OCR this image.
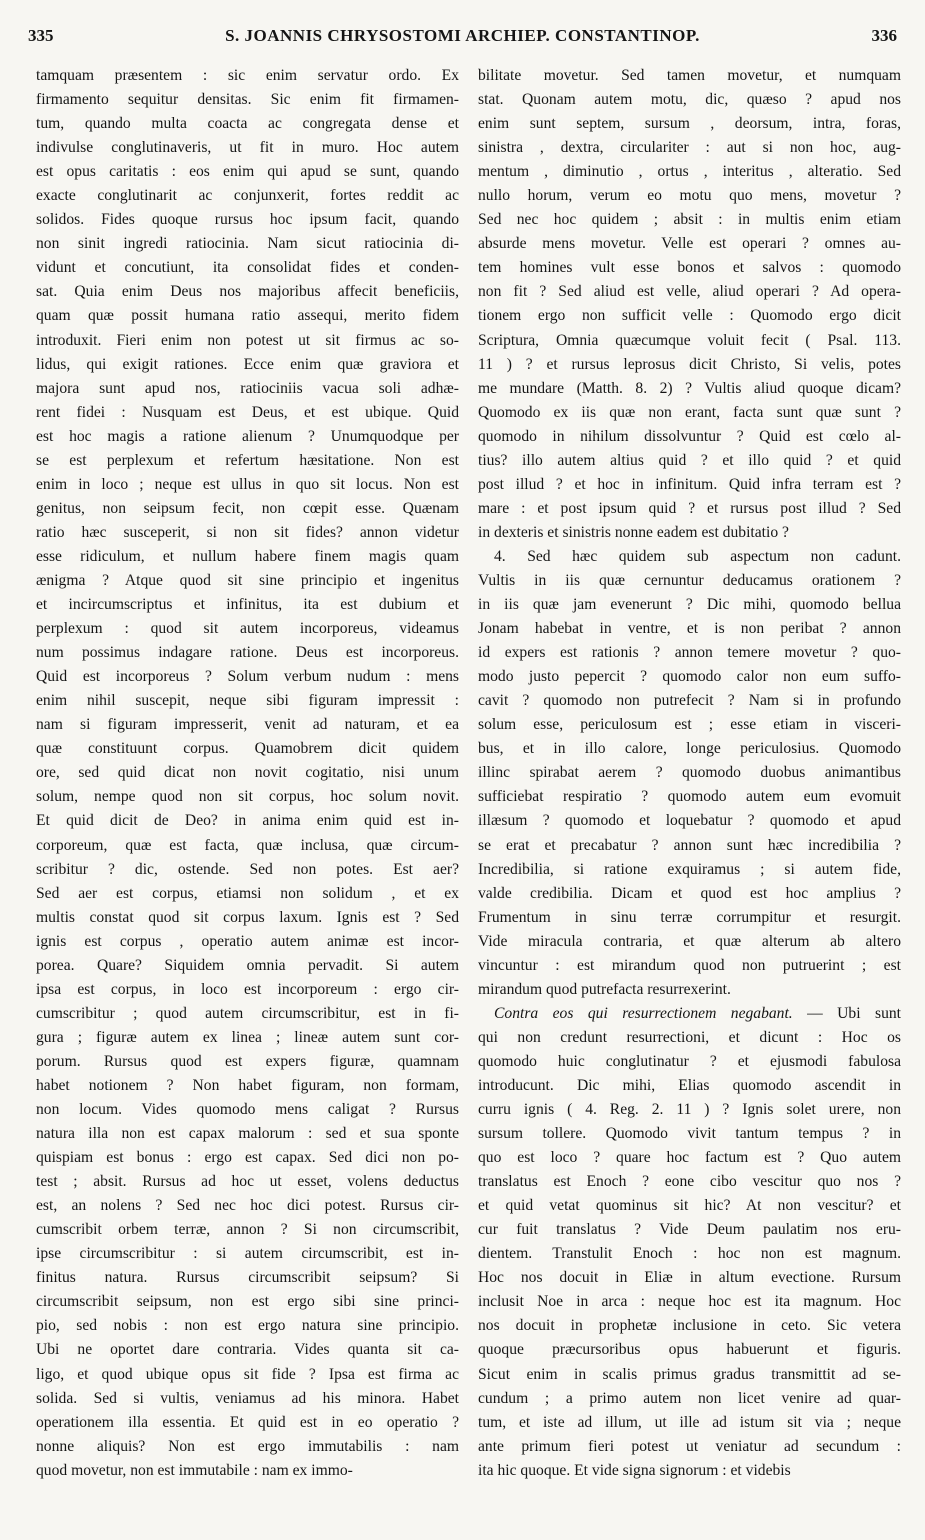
335	S. JOANNIS CHRYSOSTOMI ARCHIEP. CONSTANTINOP.	336
tamquam præsentem : sic enim servatur ordo. Ex
firmamento sequitur densitas. Sic enim fit firmamen-
tum, quando multa coacta ac congregata dense et
indivulse conglutinaveris, ut fit in muro. Hoc autem
est opus caritatis : eos enim qui apud se sunt, quando
exacte conglutinarit ac conjunxerit, fortes reddit ac
solidos. Fides quoque rursus hoc ipsum facit, quando
non sinit ingredi ratiocinia. Nam sicut ratiocinia di-
vidunt et concutiunt, ita consolidat fides et conden-
sat. Quia enim Deus nos majoribus affecit beneficiis,
quam quæ possit humana ratio assequi, merito fidem
introduxit. Fieri enim non potest ut sit firmus ac so-
lidus, qui exigit rationes. Ecce enim quæ graviora et
majora sunt apud nos, ratiociniis vacua soli adhæ-
rent fidei : Nusquam est Deus, et est ubique. Quid
est hoc magis a ratione alienum ? Unumquodque per
se est perplexum et refertum hæsitatione. Non est
enim in loco ; neque est ullus in quo sit locus. Non est
genitus, non seipsum fecit, non cœpit esse. Quænam
ratio hæc susceperit, si non sit fides? annon videtur
esse ridiculum, et nullum habere finem magis quam
ænigma ? Atque quod sit sine principio et ingenitus
et incircumscriptus et infinitus, ita est dubium et
perplexum : quod sit autem incorporeus, videamus
num possimus indagare ratione. Deus est incorporeus.
Quid est incorporeus ? Solum verbum nudum : mens
enim nihil suscepit, neque sibi figuram impressit :
nam si figuram impresserit, venit ad naturam, et ea
quæ constituunt corpus. Quamobrem dicit quidem
ore, sed quid dicat non novit cogitatio, nisi unum
solum, nempe quod non sit corpus, hoc solum novit.
Et quid dicit de Deo? in anima enim quid est in-
corporeum, quæ est facta, quæ inclusa, quæ circum-
scribitur ? dic, ostende. Sed non potes. Est aer?
Sed aer est corpus, etiamsi non solidum , et ex
multis constat quod sit corpus laxum. Ignis est ? Sed
ignis est corpus , operatio autem animæ est incor-
porea. Quare? Siquidem omnia pervadit. Si autem
ipsa est corpus, in loco est incorporeum : ergo cir-
cumscribitur ; quod autem circumscribitur, est in fi-
gura ; figuræ autem ex linea ; lineæ autem sunt cor-
porum. Rursus quod est expers figuræ, quamnam
habet notionem ? Non habet figuram, non formam,
non locum. Vides quomodo mens caligat ? Rursus
natura illa non est capax malorum : sed et sua sponte
quispiam est bonus : ergo est capax. Sed dici non po-
test ; absit. Rursus ad hoc ut esset, volens deductus
est, an nolens ? Sed nec hoc dici potest. Rursus cir-
cumscribit orbem terræ, annon ? Si non circumscribit,
ipse circumscribitur : si autem circumscribit, est in-
finitus natura. Rursus circumscribit seipsum? Si
circumscribit seipsum, non est ergo sibi sine princi-
pio, sed nobis : non est ergo natura sine principio.
Ubi ne oportet dare contraria. Vides quanta sit ca-
ligo, et quod ubique opus sit fide ? Ipsa est firma ac
solida. Sed si vultis, veniamus ad his minora. Habet
operationem illa essentia. Et quid est in eo operatio ?
nonne aliquis? Non est ergo immutabilis : nam
quod movetur, non est immutabile : nam ex immo-
bilitate movetur. Sed tamen movetur, et numquam
stat. Quonam autem motu, dic, quæso ? apud nos
enim sunt septem, sursum , deorsum, intra, foras,
sinistra , dextra, circulariter : aut si non hoc, aug-
mentum , diminutio , ortus , interitus , alteratio. Sed
nullo horum, verum eo motu quo mens, movetur ?
Sed nec hoc quidem ; absit : in multis enim etiam
absurde mens movetur. Velle est operari ? omnes au-
tem homines vult esse bonos et salvos : quomodo
non fit ? Sed aliud est velle, aliud operari ? Ad opera-
tionem ergo non sufficit velle : Quomodo ergo dicit
Scriptura, Omnia quæcumque voluit fecit ( Psal. 113.
11 ) ? et rursus leprosus dicit Christo, Si velis, potes
me mundare (Matth. 8. 2) ? Vultis aliud quoque dicam?
Quomodo ex iis quæ non erant, facta sunt quæ sunt ?
quomodo in nihilum dissolvuntur ? Quid est cœlo al-
tius? illo autem altius quid ? et illo quid ? et quid
post illud ? et hoc in infinitum. Quid infra terram est ?
mare : et post ipsum quid ? et rursus post illud ? Sed
in dexteris et sinistris nonne eadem est dubitatio ?
4. Sed hæc quidem sub aspectum non cadunt.
Vultis in iis quæ cernuntur deducamus orationem ?
in iis quæ jam evenerunt ? Dic mihi, quomodo bellua
Jonam habebat in ventre, et is non peribat ? annon
id expers est rationis ? annon temere movetur ? quo-
modo justo pepercit ? quomodo calor non eum suffo-
cavit ? quomodo non putrefecit ? Nam si in profundo
solum esse, periculosum est ; esse etiam in visceri-
bus, et in illo calore, longe periculosius. Quomodo
illinc spirabat aerem ? quomodo duobus animantibus
sufficiebat respiratio ? quomodo autem eum evomuit
illæsum ? quomodo et loquebatur ? quomodo et apud
se erat et precabatur ? annon sunt hæc incredibilia ?
Incredibilia, si ratione exquiramus ; si autem fide,
valde credibilia. Dicam et quod est hoc amplius ?
Frumentum in sinu terræ corrumpitur et resurgit.
Vide miracula contraria, et quæ alterum ab altero
vincuntur : est mirandum quod non putruerint ; est
mirandum quod putrefacta resurrexerint.
Contra eos qui resurrectionem negabant. — Ubi sunt
qui non credunt resurrectioni, et dicunt : Hoc os
quomodo huic conglutinatur ? et ejusmodi fabulosa
introducunt. Dic mihi, Elias quomodo ascendit in
curru ignis ( 4. Reg. 2. 11 ) ? Ignis solet urere, non
sursum tollere. Quomodo vivit tantum tempus ? in
quo est loco ? quare hoc factum est ? Quo autem
translatus est Enoch ? eone cibo vescitur quo nos ?
et quid vetat quominus sit hic? At non vescitur? et
cur fuit translatus ? Vide Deum paulatim nos eru-
dientem. Transtulit Enoch : hoc non est magnum.
Hoc nos docuit in Eliæ in altum evectione. Rursum
inclusit Noe in arca : neque hoc est ita magnum. Hoc
nos docuit in prophetæ inclusione in ceto. Sic vetera
quoque præcursoribus opus habuerunt et figuris.
Sicut enim in scalis primus gradus transmittit ad se-
cundum ; a primo autem non licet venire ad quar-
tum, et iste ad illum, ut ille ad istum sit via ; neque
ante primum fieri potest ut veniatur ad secundum :
ita hic quoque. Et vide signa signorum : et videbis
